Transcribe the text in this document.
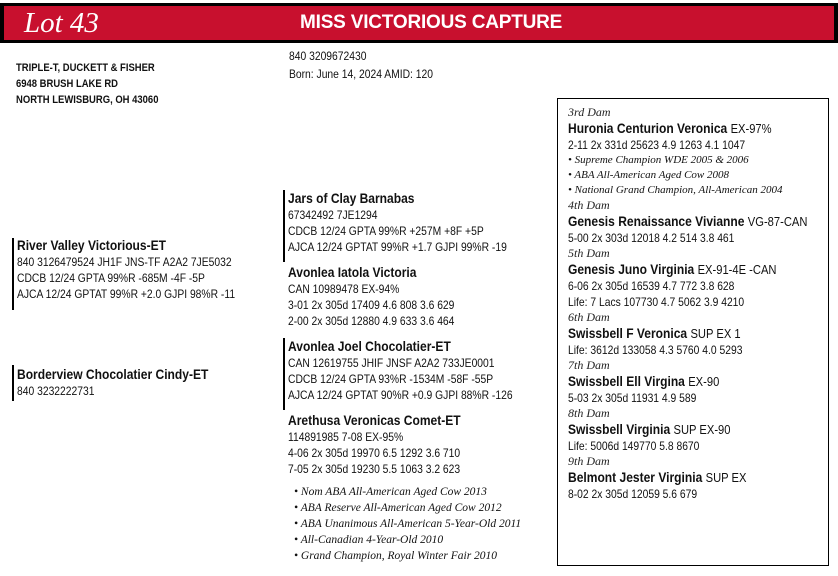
Lot 43	MISS VICTORIOUS CAPTURE
TRIPLE-T, DUCKETT & FISHER
6948 BRUSH LAKE RD
NORTH LEWISBURG, OH 43060
840 3209672430
Born: June 14, 2024 AMID: 120
River Valley Victorious-ET
840 3126479524 JH1F JNS-TF A2A2 7JE5032
CDCB 12/24 GPTA 99%R -685M -4F -5P
AJCA 12/24 GPTAT 99%R +2.0 GJPI 98%R -11
Borderview Chocolatier Cindy-ET
840 3232222731
Jars of Clay Barnabas
67342492 7JE1294
CDCB 12/24 GPTA 99%R +257M +8F +5P
AJCA 12/24 GPTAT 99%R +1.7 GJPI 99%R -19
Avonlea Iatola Victoria
CAN 10989478 EX-94%
3-01 2x 305d 17409 4.6 808 3.6 629
2-00 2x 305d 12880 4.9 633 3.6 464
Avonlea Joel Chocolatier-ET
CAN 12619755 JHIF JNSF A2A2 733JE0001
CDCB 12/24 GPTA 93%R -1534M -58F -55P
AJCA 12/24 GPTAT 90%R +0.9 GJPI 88%R -126
Arethusa Veronicas Comet-ET
114891985 7-08 EX-95%
4-06 2x 305d 19970 6.5 1292 3.6 710
7-05 2x 305d 19230 5.5 1063 3.2 623
• Nom ABA All-American Aged Cow 2013
• ABA Reserve All-American Aged Cow 2012
• ABA Unanimous All-American 5-Year-Old 2011
• All-Canadian 4-Year-Old 2010
• Grand Champion, Royal Winter Fair 2010
3rd Dam
Huronia Centurion Veronica EX-97%
2-11 2x 331d 25623 4.9 1263 4.1 1047
• Supreme Champion WDE 2005 & 2006
• ABA All-American Aged Cow 2008
• National Grand Champion, All-American 2004
4th Dam
Genesis Renaissance Vivianne VG-87-CAN
5-00 2x 303d 12018 4.2 514 3.8 461
5th Dam
Genesis Juno Virginia EX-91-4E -CAN
6-06 2x 305d 16539 4.7 772 3.8 628
Life: 7 Lacs 107730 4.7 5062 3.9 4210
6th Dam
Swissbell F Veronica SUP EX 1
Life: 3612d 133058 4.3 5760 4.0 5293
7th Dam
Swissbell Ell Virgina EX-90
5-03 2x 305d 11931 4.9 589
8th Dam
Swissbell Virginia SUP EX-90
Life: 5006d 149770 5.8 8670
9th Dam
Belmont Jester Virginia SUP EX
8-02 2x 305d 12059 5.6 679
